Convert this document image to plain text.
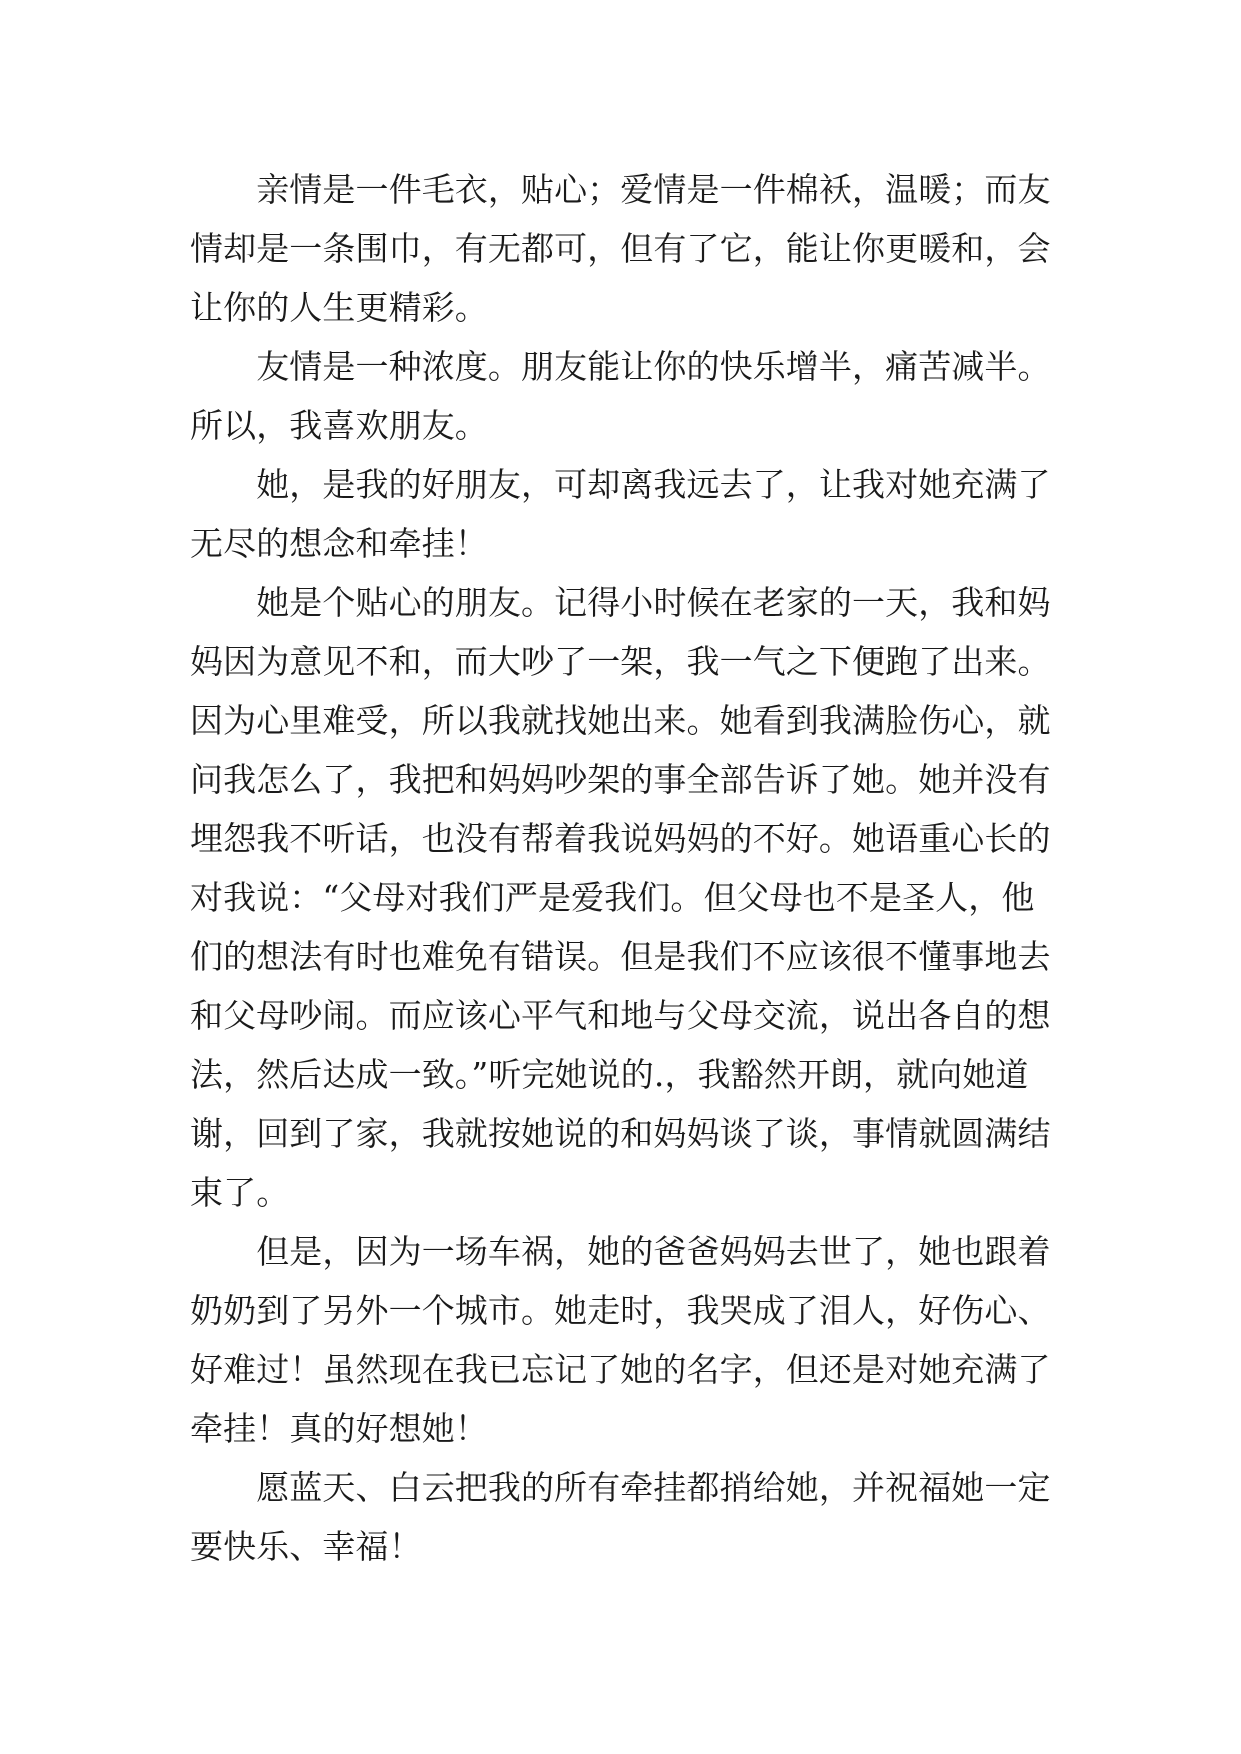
　　亲情是一件毛衣，贴心；爱情是一件棉袄，温暖；而友
情却是一条围巾，有无都可，但有了它，能让你更暖和，会
让你的人生更精彩。
　　友情是一种浓度。朋友能让你的快乐增半，痛苦减半。
所以，我喜欢朋友。
　　她，是我的好朋友，可却离我远去了，让我对她充满了
无尽的想念和牵挂！
　　她是个贴心的朋友。记得小时候在老家的一天，我和妈
妈因为意见不和，而大吵了一架，我一气之下便跑了出来。
因为心里难受，所以我就找她出来。她看到我满脸伤心，就
问我怎么了，我把和妈妈吵架的事全部告诉了她。她并没有
埋怨我不听话，也没有帮着我说妈妈的不好。她语重心长的
对我说：“父母对我们严是爱我们。但父母也不是圣人，他
们的想法有时也难免有错误。但是我们不应该很不懂事地去
和父母吵闹。而应该心平气和地与父母交流，说出各自的想
法，然后达成一致。”听完她说的.，我豁然开朗，就向她道
谢，回到了家，我就按她说的和妈妈谈了谈，事情就圆满结
束了。
　　但是，因为一场车祸，她的爸爸妈妈去世了，她也跟着
奶奶到了另外一个城市。她走时，我哭成了泪人，好伤心、
好难过！虽然现在我已忘记了她的名字，但还是对她充满了
牵挂！真的好想她！
　　愿蓝天、白云把我的所有牵挂都捎给她，并祝福她一定
要快乐、幸福！
